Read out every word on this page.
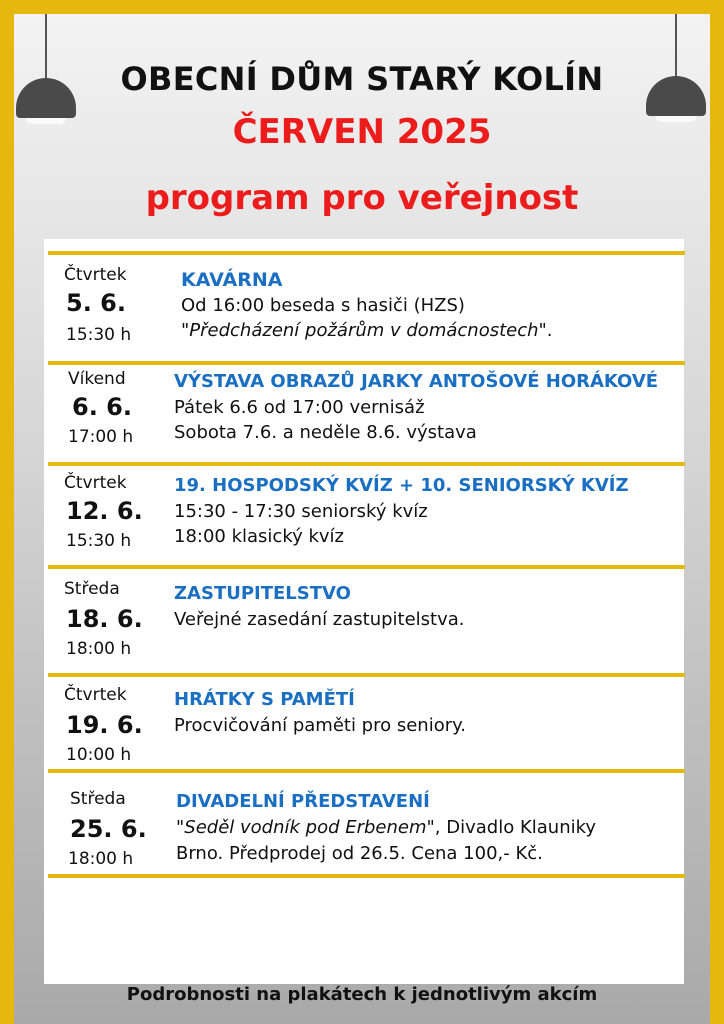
OBECNÍ DŮM STARÝ KOLÍN
ČERVEN 2025
program pro veřejnost
Čtvrtek
5. 6.
15:30 h
KAVÁRNA
Od 16:00 beseda s hasiči (HZS)
"Předcházení požárům v domácnostech".
Víkend
6. 6.
17:00 h
VÝSTAVA OBRAZŮ JARKY ANTOŠOVÉ HORÁKOVÉ
Pátek 6.6 od 17:00 vernisáž
Sobota 7.6. a neděle 8.6. výstava
Čtvrtek
12. 6.
15:30 h
19. HOSPODSKÝ KVÍZ + 10. SENIORSKÝ KVÍZ
15:30 - 17:30 seniorský kvíz
18:00 klasický kvíz
Středa
18. 6.
18:00 h
ZASTUPITELSTVO
Veřejné zasedání zastupitelstva.
Čtvrtek
19. 6.
10:00 h
HRÁTKY S PAMĚTÍ
Procvičování paměti pro seniory.
Středa
25. 6.
18:00 h
DIVADELNÍ PŘEDSTAVENÍ
"Seděl vodník pod Erbenem", Divadlo Klauniky
Brno. Předprodej od 26.5. Cena 100,- Kč.
Podrobnosti na plakátech k jednotlivým akcím
